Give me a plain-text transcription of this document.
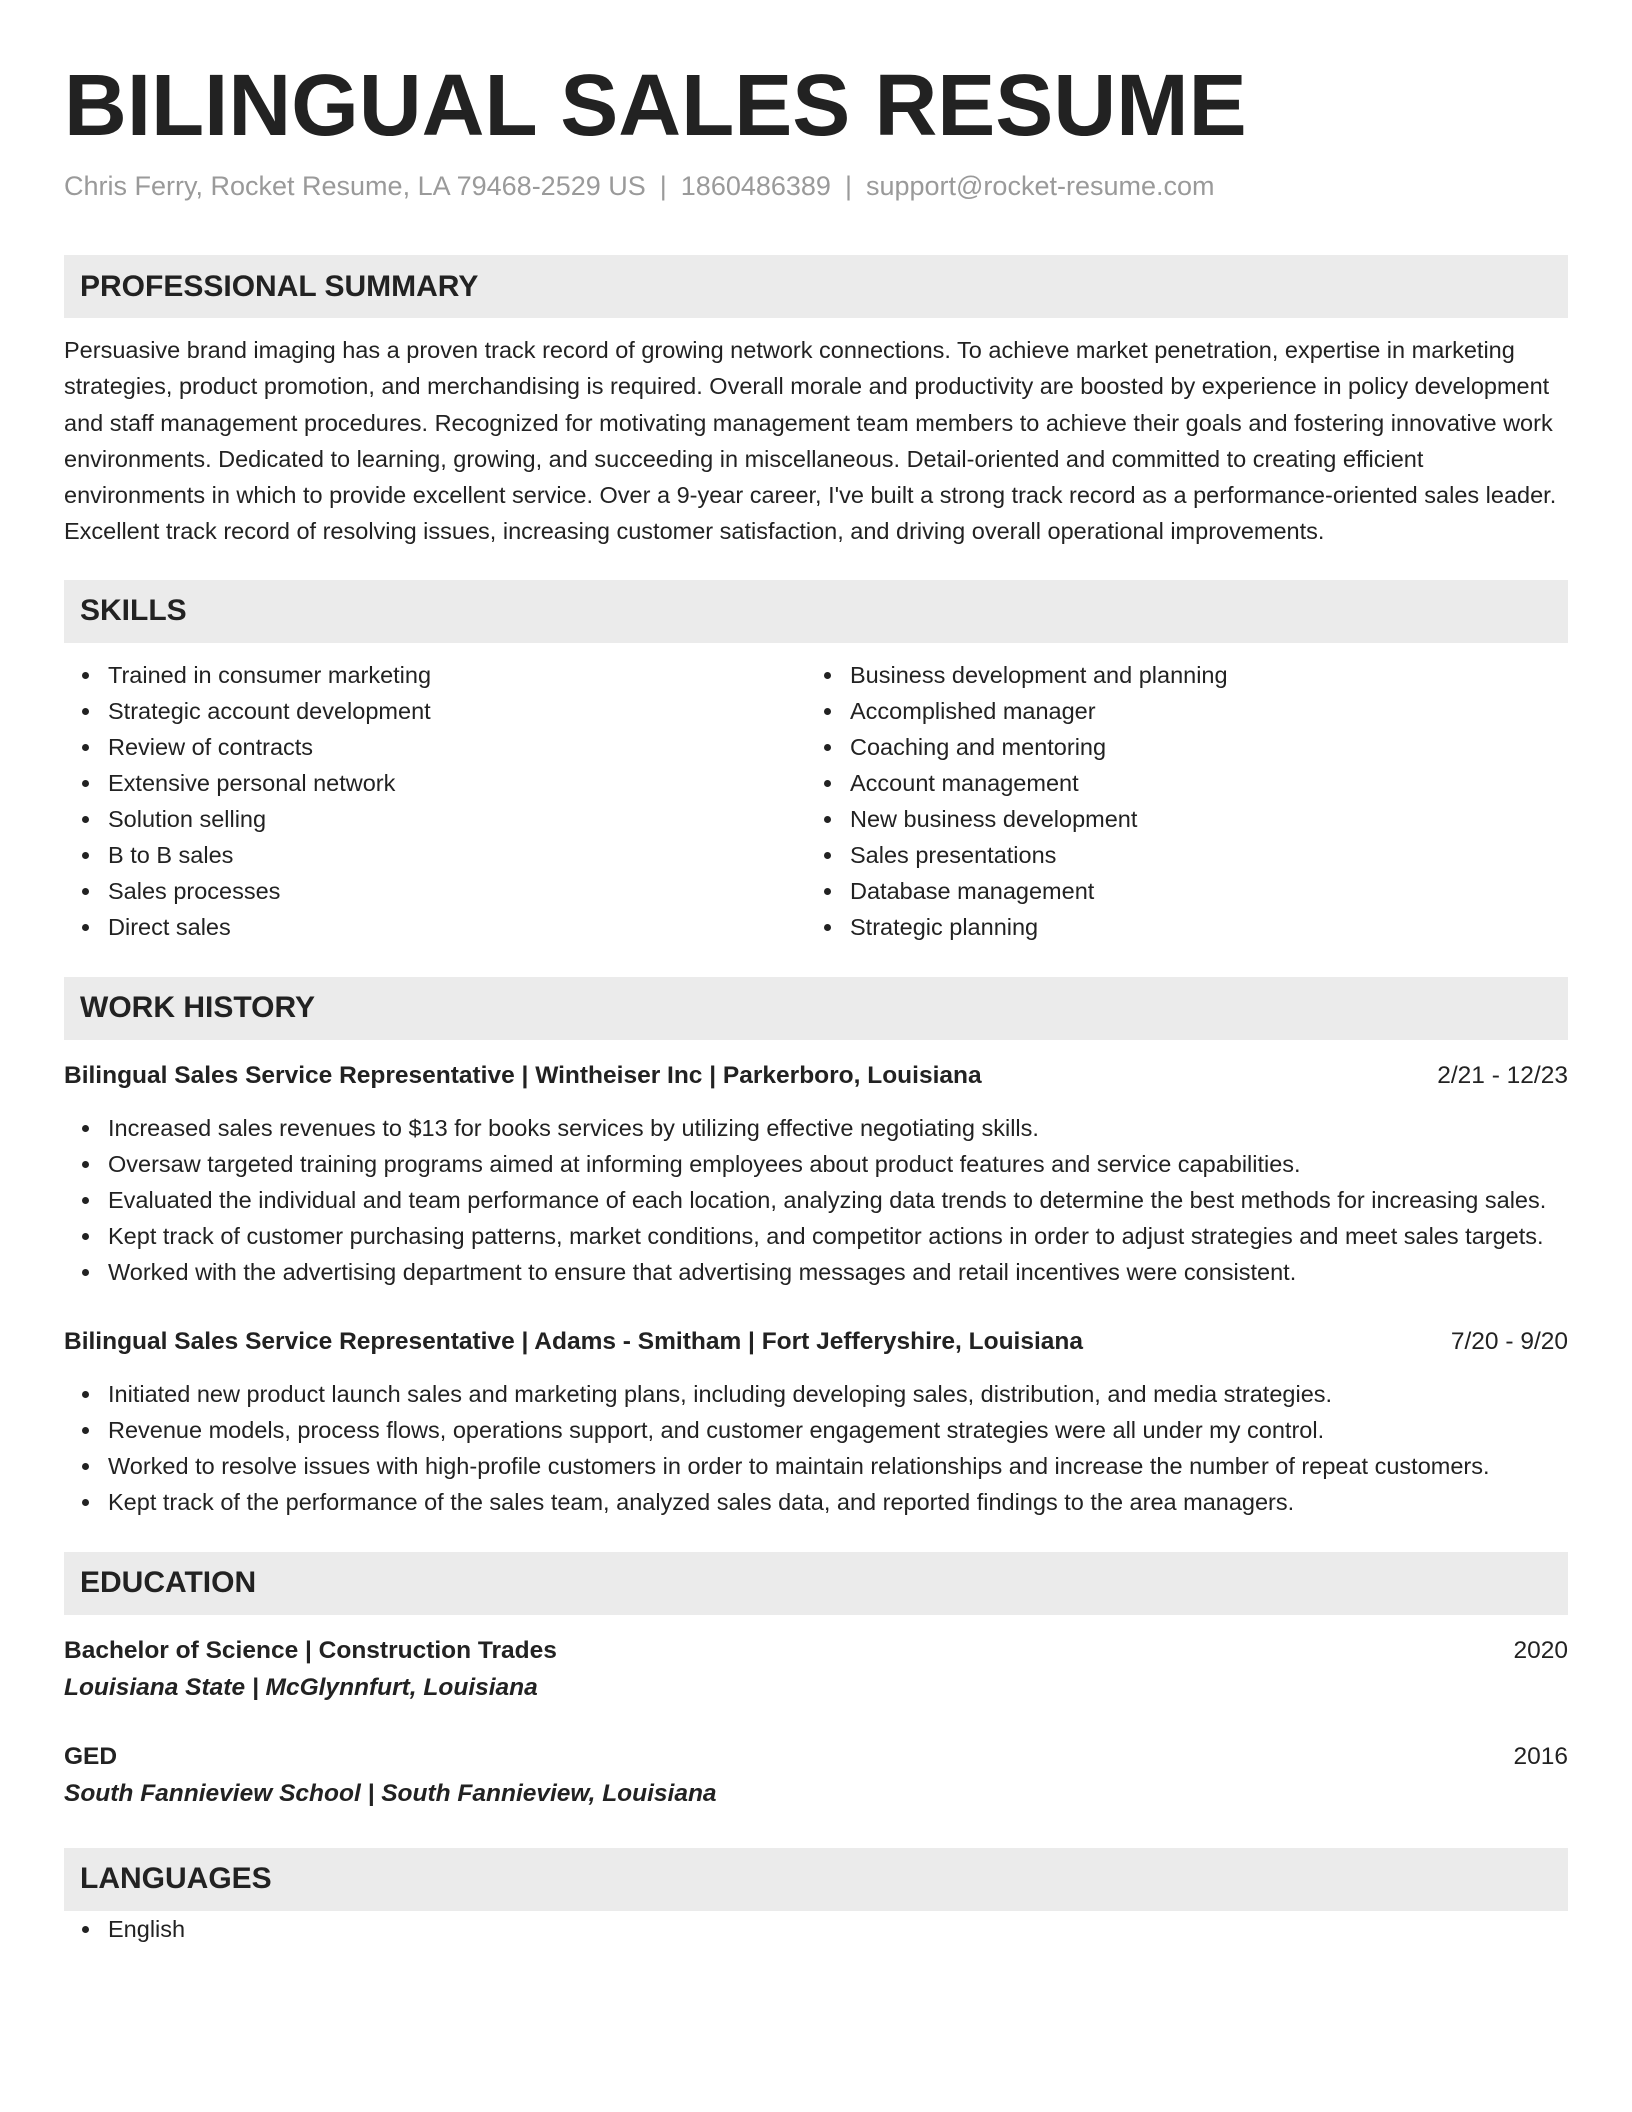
BILINGUAL SALES RESUME
Chris Ferry, Rocket Resume, LA 79468-2529 US | 1860486389 | support@rocket-resume.com
PROFESSIONAL SUMMARY
Persuasive brand imaging has a proven track record of growing network connections. To achieve market penetration, expertise in marketing strategies, product promotion, and merchandising is required. Overall morale and productivity are boosted by experience in policy development and staff management procedures. Recognized for motivating management team members to achieve their goals and fostering innovative work environments. Dedicated to learning, growing, and succeeding in miscellaneous. Detail-oriented and committed to creating efficient environments in which to provide excellent service. Over a 9-year career, I've built a strong track record as a performance-oriented sales leader. Excellent track record of resolving issues, increasing customer satisfaction, and driving overall operational improvements.
SKILLS
Trained in consumer marketing
Strategic account development
Review of contracts
Extensive personal network
Solution selling
B to B sales
Sales processes
Direct sales
Business development and planning
Accomplished manager
Coaching and mentoring
Account management
New business development
Sales presentations
Database management
Strategic planning
WORK HISTORY
Bilingual Sales Service Representative | Wintheiser Inc | Parkerboro, Louisiana	2/21 - 12/23
Increased sales revenues to $13 for books services by utilizing effective negotiating skills.
Oversaw targeted training programs aimed at informing employees about product features and service capabilities.
Evaluated the individual and team performance of each location, analyzing data trends to determine the best methods for increasing sales.
Kept track of customer purchasing patterns, market conditions, and competitor actions in order to adjust strategies and meet sales targets.
Worked with the advertising department to ensure that advertising messages and retail incentives were consistent.
Bilingual Sales Service Representative | Adams - Smitham | Fort Jefferyshire, Louisiana	7/20 - 9/20
Initiated new product launch sales and marketing plans, including developing sales, distribution, and media strategies.
Revenue models, process flows, operations support, and customer engagement strategies were all under my control.
Worked to resolve issues with high-profile customers in order to maintain relationships and increase the number of repeat customers.
Kept track of the performance of the sales team, analyzed sales data, and reported findings to the area managers.
EDUCATION
Bachelor of Science | Construction Trades	2020
Louisiana State | McGlynnfurt, Louisiana
GED	2016
South Fannieview School | South Fannieview, Louisiana
LANGUAGES
English
